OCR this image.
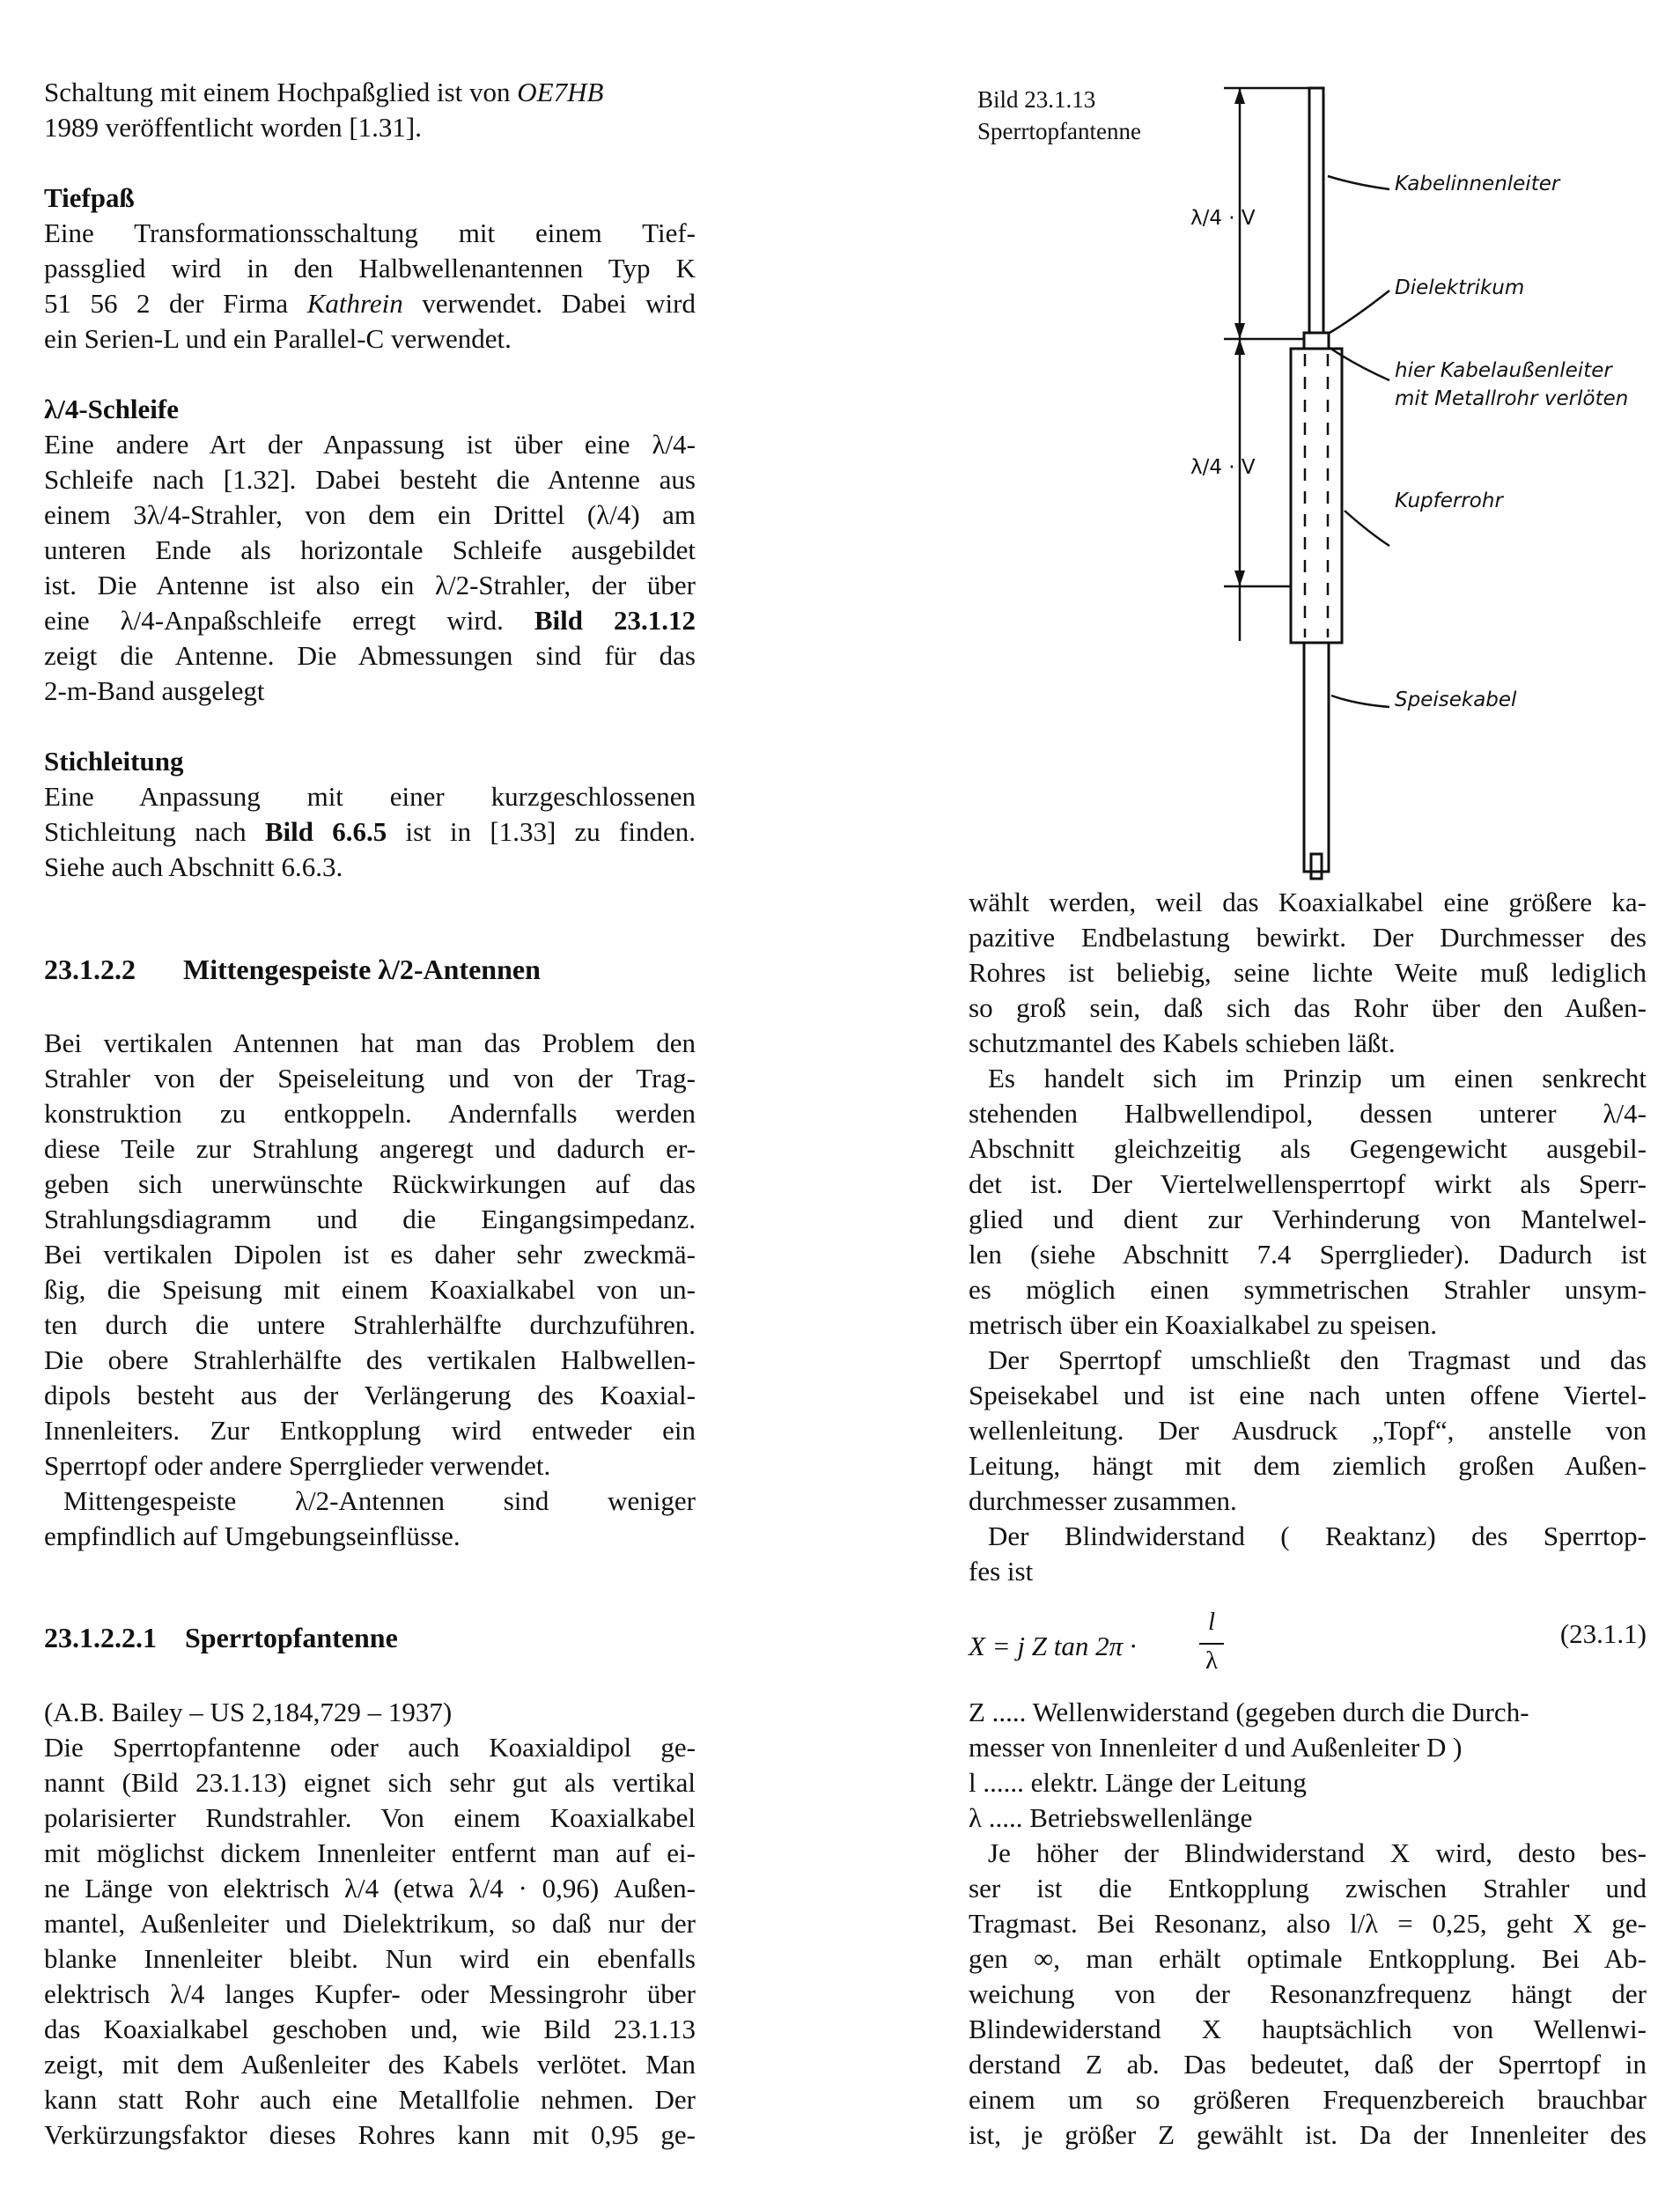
Schaltung mit einem Hochpaßglied ist von OE7HB
1989 veröffentlicht worden [1.31].
Tiefpaß
Eine Transformationsschaltung mit einem Tief-
passglied wird in den Halbwellenantennen Typ K
51 56 2 der Firma Kathrein verwendet. Dabei wird
ein Serien-L und ein Parallel-C verwendet.
λ/4-Schleife
Eine andere Art der Anpassung ist über eine λ/4-
Schleife nach [1.32]. Dabei besteht die Antenne aus
einem 3λ/4-Strahler, von dem ein Drittel (λ/4) am
unteren Ende als horizontale Schleife ausgebildet
ist. Die Antenne ist also ein λ/2-Strahler, der über
eine λ/4-Anpaßschleife erregt wird. Bild 23.1.12
zeigt die Antenne. Die Abmessungen sind für das
2-m-Band ausgelegt
Stichleitung
Eine Anpassung mit einer kurzgeschlossenen
Stichleitung nach Bild 6.6.5 ist in [1.33] zu finden.
Siehe auch Abschnitt 6.6.3.
23.1.2.2 Mittengespeiste λ/2-Antennen
Bei vertikalen Antennen hat man das Problem den
Strahler von der Speiseleitung und von der Trag-
konstruktion zu entkoppeln. Andernfalls werden
diese Teile zur Strahlung angeregt und dadurch er-
geben sich unerwünschte Rückwirkungen auf das
Strahlungsdiagramm und die Eingangsimpedanz.
Bei vertikalen Dipolen ist es daher sehr zweckmä-
ßig, die Speisung mit einem Koaxialkabel von un-
ten durch die untere Strahlerhälfte durchzuführen.
Die obere Strahlerhälfte des vertikalen Halbwellen-
dipols besteht aus der Verlängerung des Koaxial-
Innenleiters. Zur Entkopplung wird entweder ein
Sperrtopf oder andere Sperrglieder verwendet.
Mittengespeiste λ/2-Antennen sind weniger
empfindlich auf Umgebungseinflüsse.
23.1.2.2.1 Sperrtopfantenne
(A.B. Bailey – US 2,184,729 – 1937)
Die Sperrtopfantenne oder auch Koaxialdipol ge-
nannt (Bild 23.1.13) eignet sich sehr gut als vertikal
polarisierter Rundstrahler. Von einem Koaxialkabel
mit möglichst dickem Innenleiter entfernt man auf ei-
ne Länge von elektrisch λ/4 (etwa λ/4 · 0,96) Außen-
mantel, Außenleiter und Dielektrikum, so daß nur der
blanke Innenleiter bleibt. Nun wird ein ebenfalls
elektrisch λ/4 langes Kupfer- oder Messingrohr über
das Koaxialkabel geschoben und, wie Bild 23.1.13
zeigt, mit dem Außenleiter des Kabels verlötet. Man
kann statt Rohr auch eine Metallfolie nehmen. Der
Verkürzungsfaktor dieses Rohres kann mit 0,95 ge-
Bild 23.1.13
Sperrtopfantenne
λ/4 · V
λ/4 · V
Kabelinnenleiter
Dielektrikum
hier Kabelaußenleiter
mit Metallrohr verlöten
Kupferrohr
Speisekabel
wählt werden, weil das Koaxialkabel eine größere ka-
pazitive Endbelastung bewirkt. Der Durchmesser des
Rohres ist beliebig, seine lichte Weite muß lediglich
so groß sein, daß sich das Rohr über den Außen-
schutzmantel des Kabels schieben läßt.
Es handelt sich im Prinzip um einen senkrecht
stehenden Halbwellendipol, dessen unterer λ/4-
Abschnitt gleichzeitig als Gegengewicht ausgebil-
det ist. Der Viertelwellensperrtopf wirkt als Sperr-
glied und dient zur Verhinderung von Mantelwel-
len (siehe Abschnitt 7.4 Sperrglieder). Dadurch ist
es möglich einen symmetrischen Strahler unsym-
metrisch über ein Koaxialkabel zu speisen.
Der Sperrtopf umschließt den Tragmast und das
Speisekabel und ist eine nach unten offene Viertel-
wellenleitung. Der Ausdruck „Topf“, anstelle von
Leitung, hängt mit dem ziemlich großen Außen-
durchmesser zusammen.
Der Blindwiderstand ( Reaktanz) des Sperrtop-
fes ist
X = j Z tan 2π ·
l
λ
(23.1.1)
Z ..... Wellenwiderstand (gegeben durch die Durch-
messer von Innenleiter d und Außenleiter D )
l ...... elektr. Länge der Leitung
λ ..... Betriebswellenlänge
Je höher der Blindwiderstand X wird, desto bes-
ser ist die Entkopplung zwischen Strahler und
Tragmast. Bei Resonanz, also l/λ = 0,25, geht X ge-
gen ∞, man erhält optimale Entkopplung. Bei Ab-
weichung von der Resonanzfrequenz hängt der
Blindewiderstand X hauptsächlich von Wellenwi-
derstand Z ab. Das bedeutet, daß der Sperrtopf in
einem um so größeren Frequenzbereich brauchbar
ist, je größer Z gewählt ist. Da der Innenleiter des
